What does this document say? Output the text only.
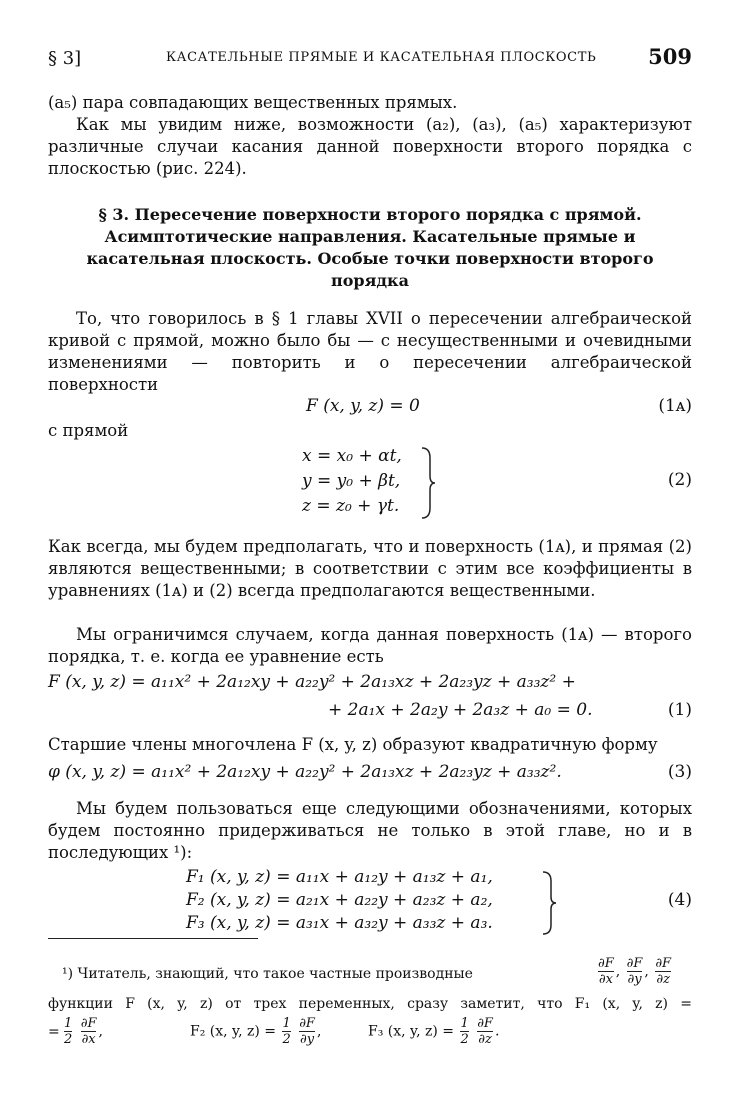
§ 3]	КАСАТЕЛЬНЫЕ ПРЯМЫЕ И КАСАТЕЛЬНАЯ ПЛОСКОСТЬ 509

(a₅) пара совпадающих вещественных прямых.

Как мы увидим ниже, возможности (a₂), (a₃), (a₅) характеризуют различные случаи касания данной поверхности второго порядка с плоскостью (рис. 224).

§ 3. Пересечение поверхности второго порядка с прямой. Асимптотические направления. Касательные прямые и касательная плоскость. Особые точки поверхности второго порядка

То, что говорилось в § 1 главы XVII о пересечении алгебраической кривой с прямой, можно было бы — с несущественными и очевидными изменениями — повторить и о пересечении алгебраической поверхности

F (x, y, z) = 0	(1ᴀ)

с прямой

x = x₀ + αt,
y = y₀ + βt,
z = z₀ + γt.
(2)

Как всегда, мы будем предполагать, что и поверхность (1ᴀ), и прямая (2) являются вещественными; в соответствии с этим все коэффициенты в уравнениях (1ᴀ) и (2) всегда предполагаются вещественными.

Мы ограничимся случаем, когда данная поверхность (1ᴀ) — второго порядка, т. е. когда ее уравнение есть

F (x, y, z) = a₁₁x² + 2a₁₂xy + a₂₂y² + 2a₁₃xz + 2a₂₃yz + a₃₃z² +
+ 2a₁x + 2a₂y + 2a₃z + a₀ = 0.	(1)

Старшие члены многочлена F (x, y, z) образуют квадратичную форму

φ (x, y, z) = a₁₁x² + 2a₁₂xy + a₂₂y² + 2a₁₃xz + 2a₂₃yz + a₃₃z².	(3)

Мы будем пользоваться еще следующими обозначениями, которых будем постоянно придерживаться не только в этой главе, но и в последующих ¹):

F₁ (x, y, z) = a₁₁x + a₁₂y + a₁₃z + a₁,
F₂ (x, y, z) = a₂₁x + a₂₂y + a₂₃z + a₂,
F₃ (x, y, z) = a₃₁x + a₃₂y + a₃₃z + a₃.
(4)
¹) Читатель, знающий, что такое частные производные	$\frac{\partial F}{\partial x}$ , $\frac{\partial F}{\partial y}$ , $\frac{\partial F}{\partial z}$
функции F (x, y, z) от трех переменных, сразу заметит, что F₁ (x, y, z) =
= $\frac{1}{2}$
$\frac{\partial F}{\partial x}$ ,	F₂ (x, y, $z) = \frac{1}{2}$
$\frac{\partial F}{\partial y}$ ,	F₃ (x, y, $z) = \frac{1}{2}$
$\frac{\partial F}{\partial z}$ .
